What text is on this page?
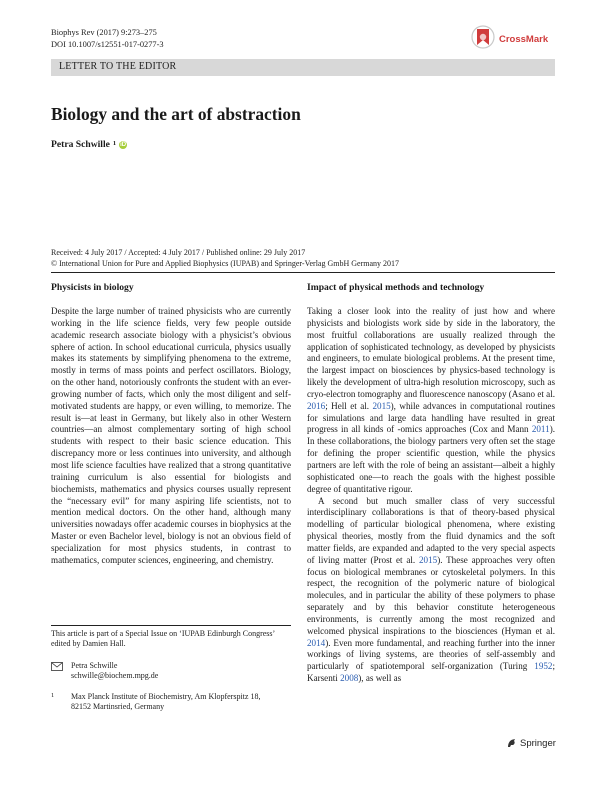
Biophys Rev (2017) 9:273–275
DOI 10.1007/s12551-017-0277-3	CrossMark
LETTER TO THE EDITOR
Biology and the art of abstraction
Petra Schwille $^1$ iD
Received: 4 July 2017 / Accepted: 4 July 2017 / Published online: 29 July 2017
© International Union for Pure and Applied Biophysics (IUPAB) and Springer-Verlag GmbH Germany 2017
Physicists in biology

Despite the large number of trained physicists who are currently working in the life science fields, very few people outside academic research associate biology with a physicist’s obvious sphere of action. In school educational curricula, physics usually makes its statements by simplifying phenomena to the extreme, mostly in terms of mass points and perfect oscillators. Biology, on the other hand, notoriously confronts the student with an ever-growing number of facts, which only the most diligent and self-motivated students are happy, or even willing, to memorize. The result is—at least in Germany, but likely also in other Western countries—an almost complementary sorting of high school students with respect to their basic science education. This discrepancy more or less continues into university, and although most life science faculties have realized that a strong quantitative training curriculum is also essential for biologists and biochemists, mathematics and physics courses usually represent the “necessary evil” for many aspiring life scientists, not to mention medical doctors. On the other hand, although many universities nowadays offer academic courses in biophysics at the Master or even Bachelor level, biology is not an obvious field of specialization for most physics students, in contrast to mathematics, computer sciences, engineering, and chemistry.

This article is part of a Special Issue on ‘IUPAB Edinburgh Congress’ edited by Damien Hall.
Petra Schwille
schwille@biochem.mpg.de
1	Max Planck Institute of Biochemistry, Am Klopferspitz 18,
82152 Martinsried, Germany
Impact of physical methods and technology

Taking a closer look into the reality of just how and where physicists and biologists work side by side in the laboratory, the most fruitful collaborations are usually realized through the application of sophisticated technology, as developed by physicists and engineers, to emulate biological problems. At the present time, the largest impact on biosciences by physics-based technology is likely the development of ultra-high resolution microscopy, such as cryo-electron tomography and fluorescence nanoscopy (Asano et al. 2016; Hell et al. 2015), while advances in computational routines for simulations and large data handling have resulted in great progress in all kinds of -omics approaches (Cox and Mann 2011). In these collaborations, the biology partners very often set the stage for defining the proper scientific question, while the physics partners are left with the role of being an assistant—albeit a highly sophisticated one—to reach the goals with the highest possible degree of quantitative rigour.

A second but much smaller class of very successful interdisciplinary collaborations is that of theory-based physical modelling of particular biological phenomena, where existing physical theories, mostly from the fluid dynamics and the soft matter fields, are expanded and adapted to the very special aspects of living matter (Prost et al. 2015). These approaches very often focus on biological membranes or cytoskeletal polymers. In this respect, the recognition of the polymeric nature of biological molecules, and in particular the ability of these polymers to phase separately and by this behavior constitute heterogeneous environments, is currently among the most recognized and welcomed physical inspirations to the biosciences (Hyman et al. 2014). Even more fundamental, and reaching further into the inner workings of living systems, are theories of self-assembly and particularly of spatiotemporal self-organization (Turing 1952; Karsenti 2008), as well as

Springer
